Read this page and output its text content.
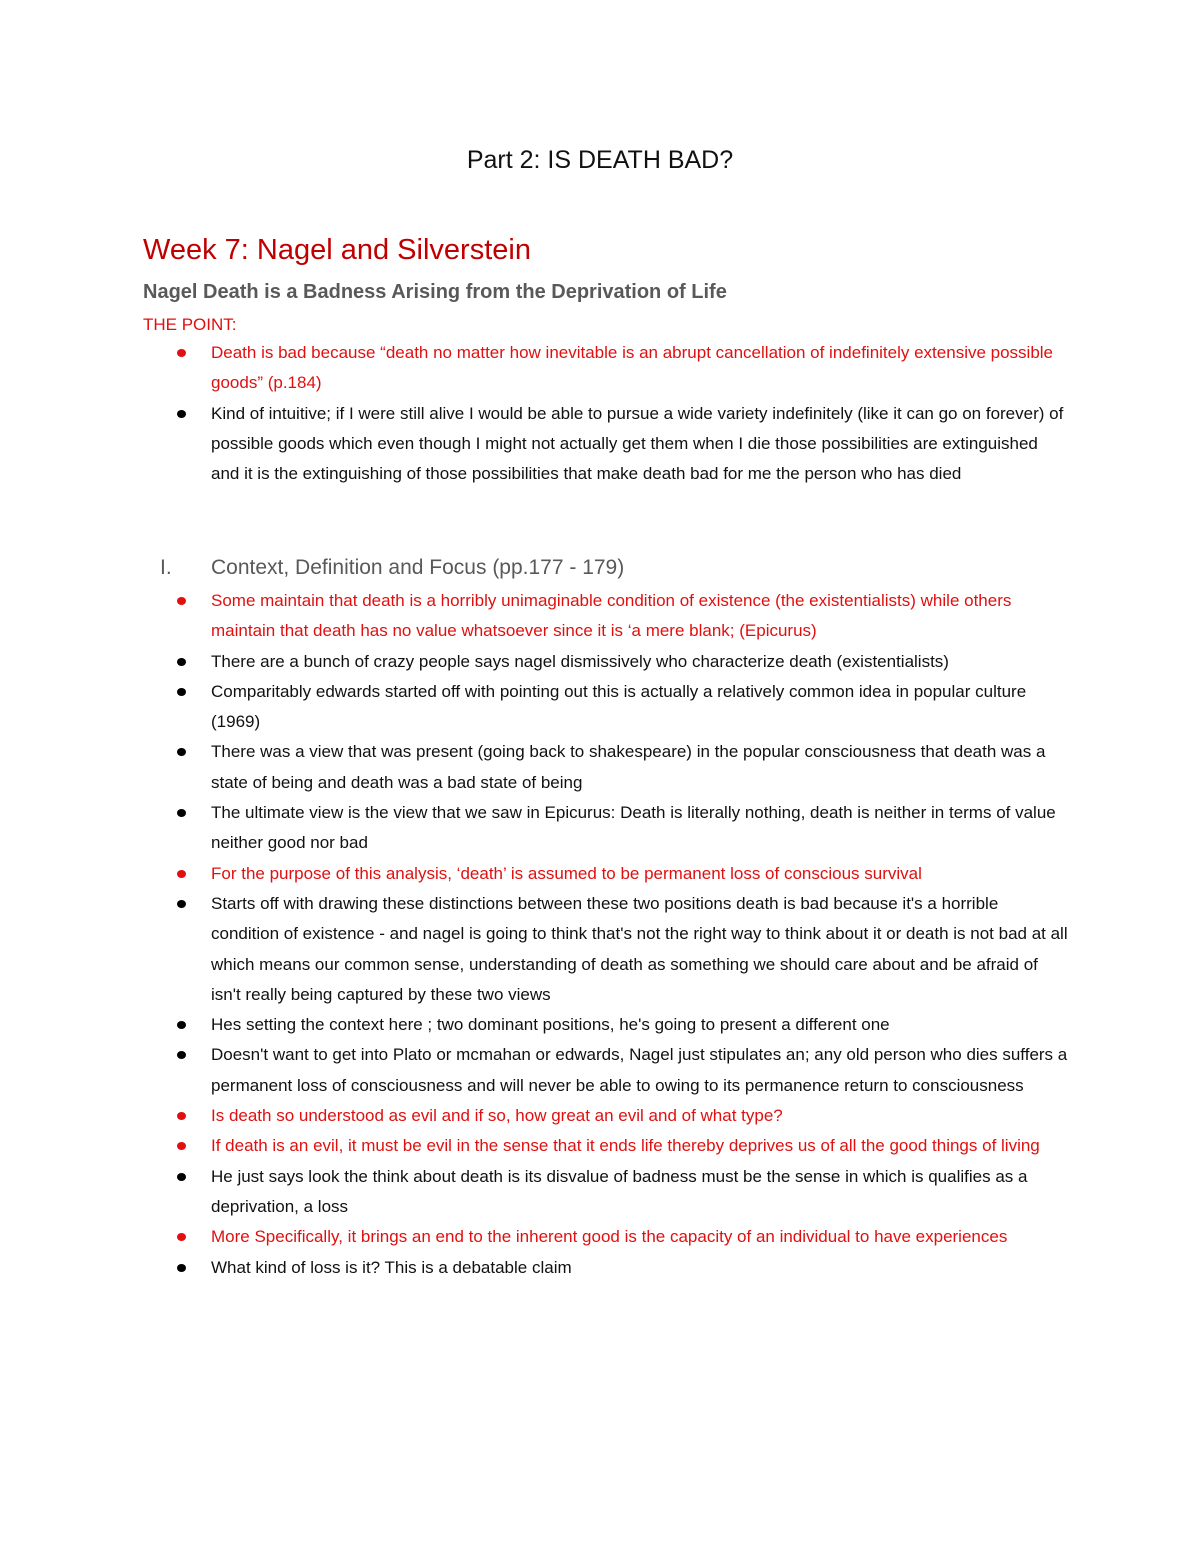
Part 2: IS DEATH BAD?
Week 7: Nagel and Silverstein
Nagel Death is a Badness Arising from the Deprivation of Life
THE POINT:
Death is bad because “death no matter how inevitable is an abrupt cancellation of indefinitely extensive possible goods” (p.184)
Kind of intuitive; if I were still alive I would be able to pursue a wide variety indefinitely (like it can go on forever) of possible goods which even though I might not actually get them when I die those possibilities are extinguished and it is the extinguishing of those possibilities that make death bad for me the person who has died
I. Context, Definition and Focus (pp.177 - 179)
Some maintain that death is a horribly unimaginable condition of existence (the existentialists) while others maintain that death has no value whatsoever since it is ‘a mere blank; (Epicurus)
There are a bunch of crazy people says nagel dismissively who characterize death (existentialists)
Comparitably edwards started off with pointing out this is actually a relatively common idea in popular culture (1969)
There was a view that was present (going back to shakespeare) in the popular consciousness that death was a state of being and death was a bad state of being
The ultimate view is the view that we saw in Epicurus: Death is literally nothing, death is neither in terms of value neither good nor bad
For the purpose of this analysis, ‘death’ is assumed to be permanent loss of conscious survival
Starts off with drawing these distinctions between these two positions death is bad because it's a horrible condition of existence - and nagel is going to think that's not the right way to think about it or death is not bad at all which means our common sense, understanding of death as something we should care about and be afraid of isn't really being captured by these two views
Hes setting the context here ; two dominant positions, he's going to present a different one
Doesn't want to get into Plato or mcmahan or edwards, Nagel just stipulates an; any old person who dies suffers a permanent loss of consciousness and will never be able to owing to its permanence return to consciousness
Is death so understood as evil and if so, how great an evil and of what type?
If death is an evil, it must be evil in the sense that it ends life thereby deprives us of all the good things of living
He just says look the think about death is its disvalue of badness must be the sense in which is qualifies as a deprivation, a loss
More Specifically, it brings an end to the inherent good is the capacity of an individual to have experiences
What kind of loss is it? This is a debatable claim
